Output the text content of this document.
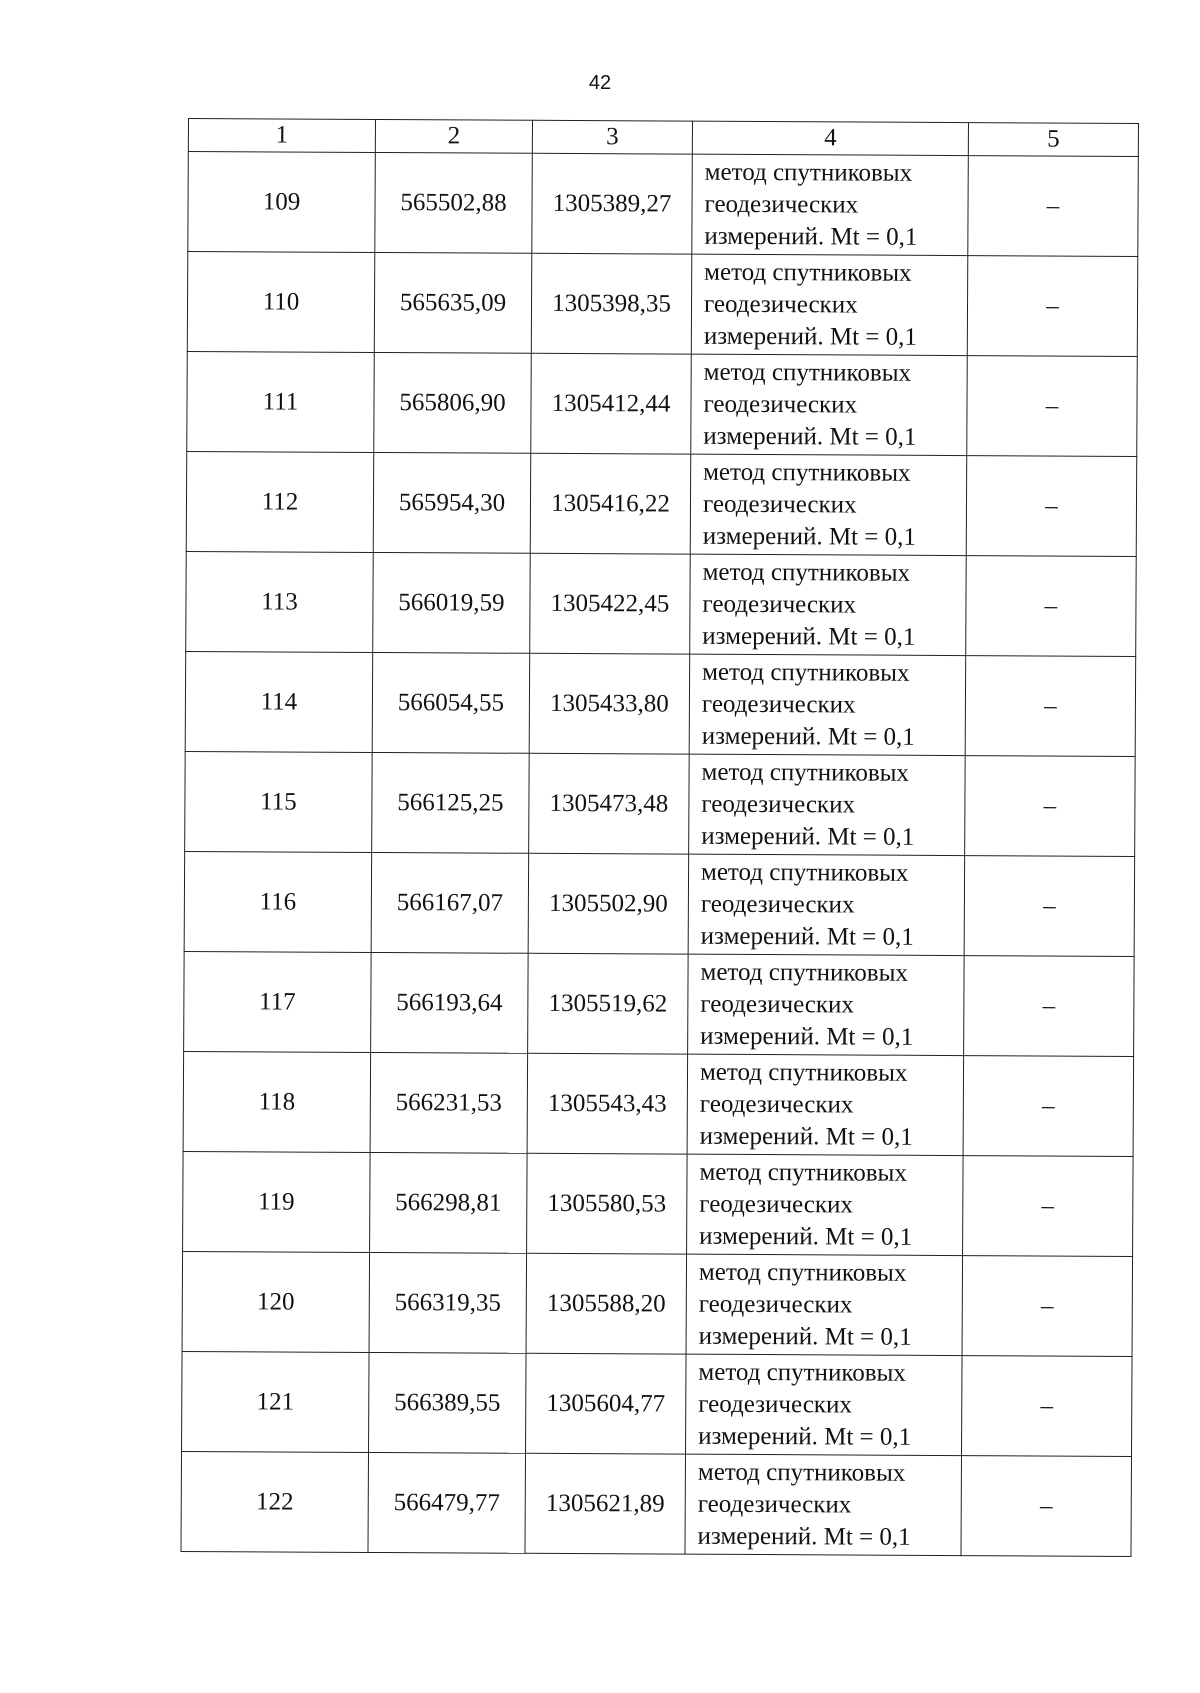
42
1	2	3	4	5
109	565502,88	1305389,27	метод спутниковых
геодезических
измерений. Mt = 0,1	–
110	565635,09	1305398,35	метод спутниковых
геодезических
измерений. Mt = 0,1	–
111	565806,90	1305412,44	метод спутниковых
геодезических
измерений. Mt = 0,1	–
112	565954,30	1305416,22	метод спутниковых
геодезических
измерений. Mt = 0,1	–
113	566019,59	1305422,45	метод спутниковых
геодезических
измерений. Mt = 0,1	–
114	566054,55	1305433,80	метод спутниковых
геодезических
измерений. Mt = 0,1	–
115	566125,25	1305473,48	метод спутниковых
геодезических
измерений. Mt = 0,1	–
116	566167,07	1305502,90	метод спутниковых
геодезических
измерений. Mt = 0,1	–
117	566193,64	1305519,62	метод спутниковых
геодезических
измерений. Mt = 0,1	–
118	566231,53	1305543,43	метод спутниковых
геодезических
измерений. Mt = 0,1	–
119	566298,81	1305580,53	метод спутниковых
геодезических
измерений. Mt = 0,1	–
120	566319,35	1305588,20	метод спутниковых
геодезических
измерений. Mt = 0,1	–
121	566389,55	1305604,77	метод спутниковых
геодезических
измерений. Mt = 0,1	–
122	566479,77	1305621,89	метод спутниковых
геодезических
измерений. Mt = 0,1	–
